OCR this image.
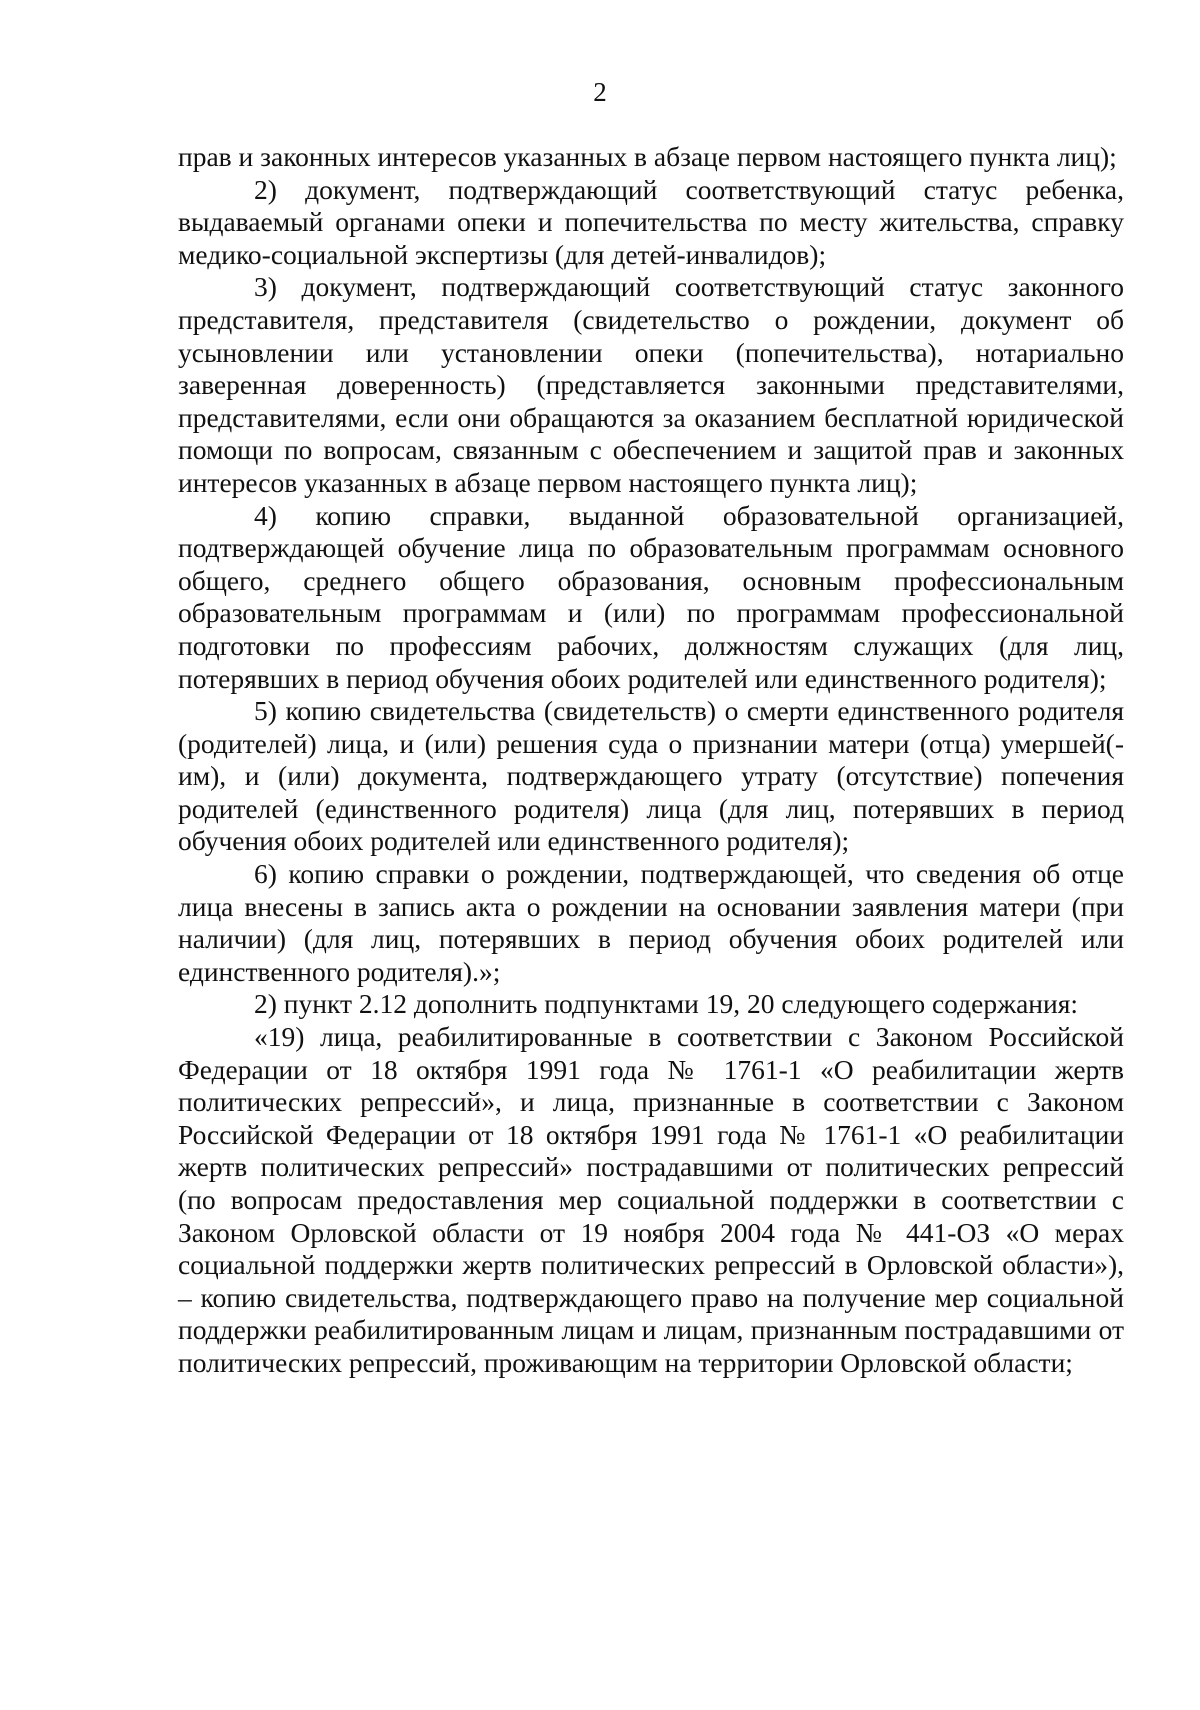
2

прав и законных интересов указанных в абзаце первом настоящего пункта лиц);

2) документ, подтверждающий соответствующий статус ребенка, выдаваемый органами опеки и попечительства по месту жительства, справку медико-социальной экспертизы (для детей-инвалидов);

3) документ, подтверждающий соответствующий статус законного представителя, представителя (свидетельство о рождении, документ об усыновлении или установлении опеки (попечительства), нотариально заверенная доверенность) (представляется законными представителями, представителями, если они обращаются за оказанием бесплатной юридической помощи по вопросам, связанным с обеспечением и защитой прав и законных интересов указанных в абзаце первом настоящего пункта лиц);

4) копию справки, выданной образовательной организацией, подтверждающей обучение лица по образовательным программам основного общего, среднего общего образования, основным профессиональным образовательным программам и (или) по программам профессиональной подготовки по профессиям рабочих, должностям служащих (для лиц, потерявших в период обучения обоих родителей или единственного родителя);

5) копию свидетельства (свидетельств) о смерти единственного родителя (родителей) лица, и (или) решения суда о признании матери (отца) умершей(-им), и (или) документа, подтверждающего утрату (отсутствие) попечения родителей (единственного родителя) лица (для лиц, потерявших в период обучения обоих родителей или единственного родителя);

6) копию справки о рождении, подтверждающей, что сведения об отце лица внесены в запись акта о рождении на основании заявления матери (при наличии) (для лиц, потерявших в период обучения обоих родителей или единственного родителя).»;

2) пункт 2.12 дополнить подпунктами 19, 20 следующего содержания:

«19) лица, реабилитированные в соответствии с Законом Российской Федерации от 18 октября 1991 года № 1761-1 «О реабилитации жертв политических репрессий», и лица, признанные в соответствии с Законом Российской Федерации от 18 октября 1991 года № 1761-1 «О реабилитации жертв политических репрессий» пострадавшими от политических репрессий (по вопросам предоставления мер социальной поддержки в соответствии с Законом Орловской области от 19 ноября 2004 года № 441-ОЗ «О мерах социальной поддержки жертв политических репрессий в Орловской области»), – копию свидетельства, подтверждающего право на получение мер социальной поддержки реабилитированным лицам и лицам, признанным пострадавшими от политических репрессий, проживающим на территории Орловской области;
